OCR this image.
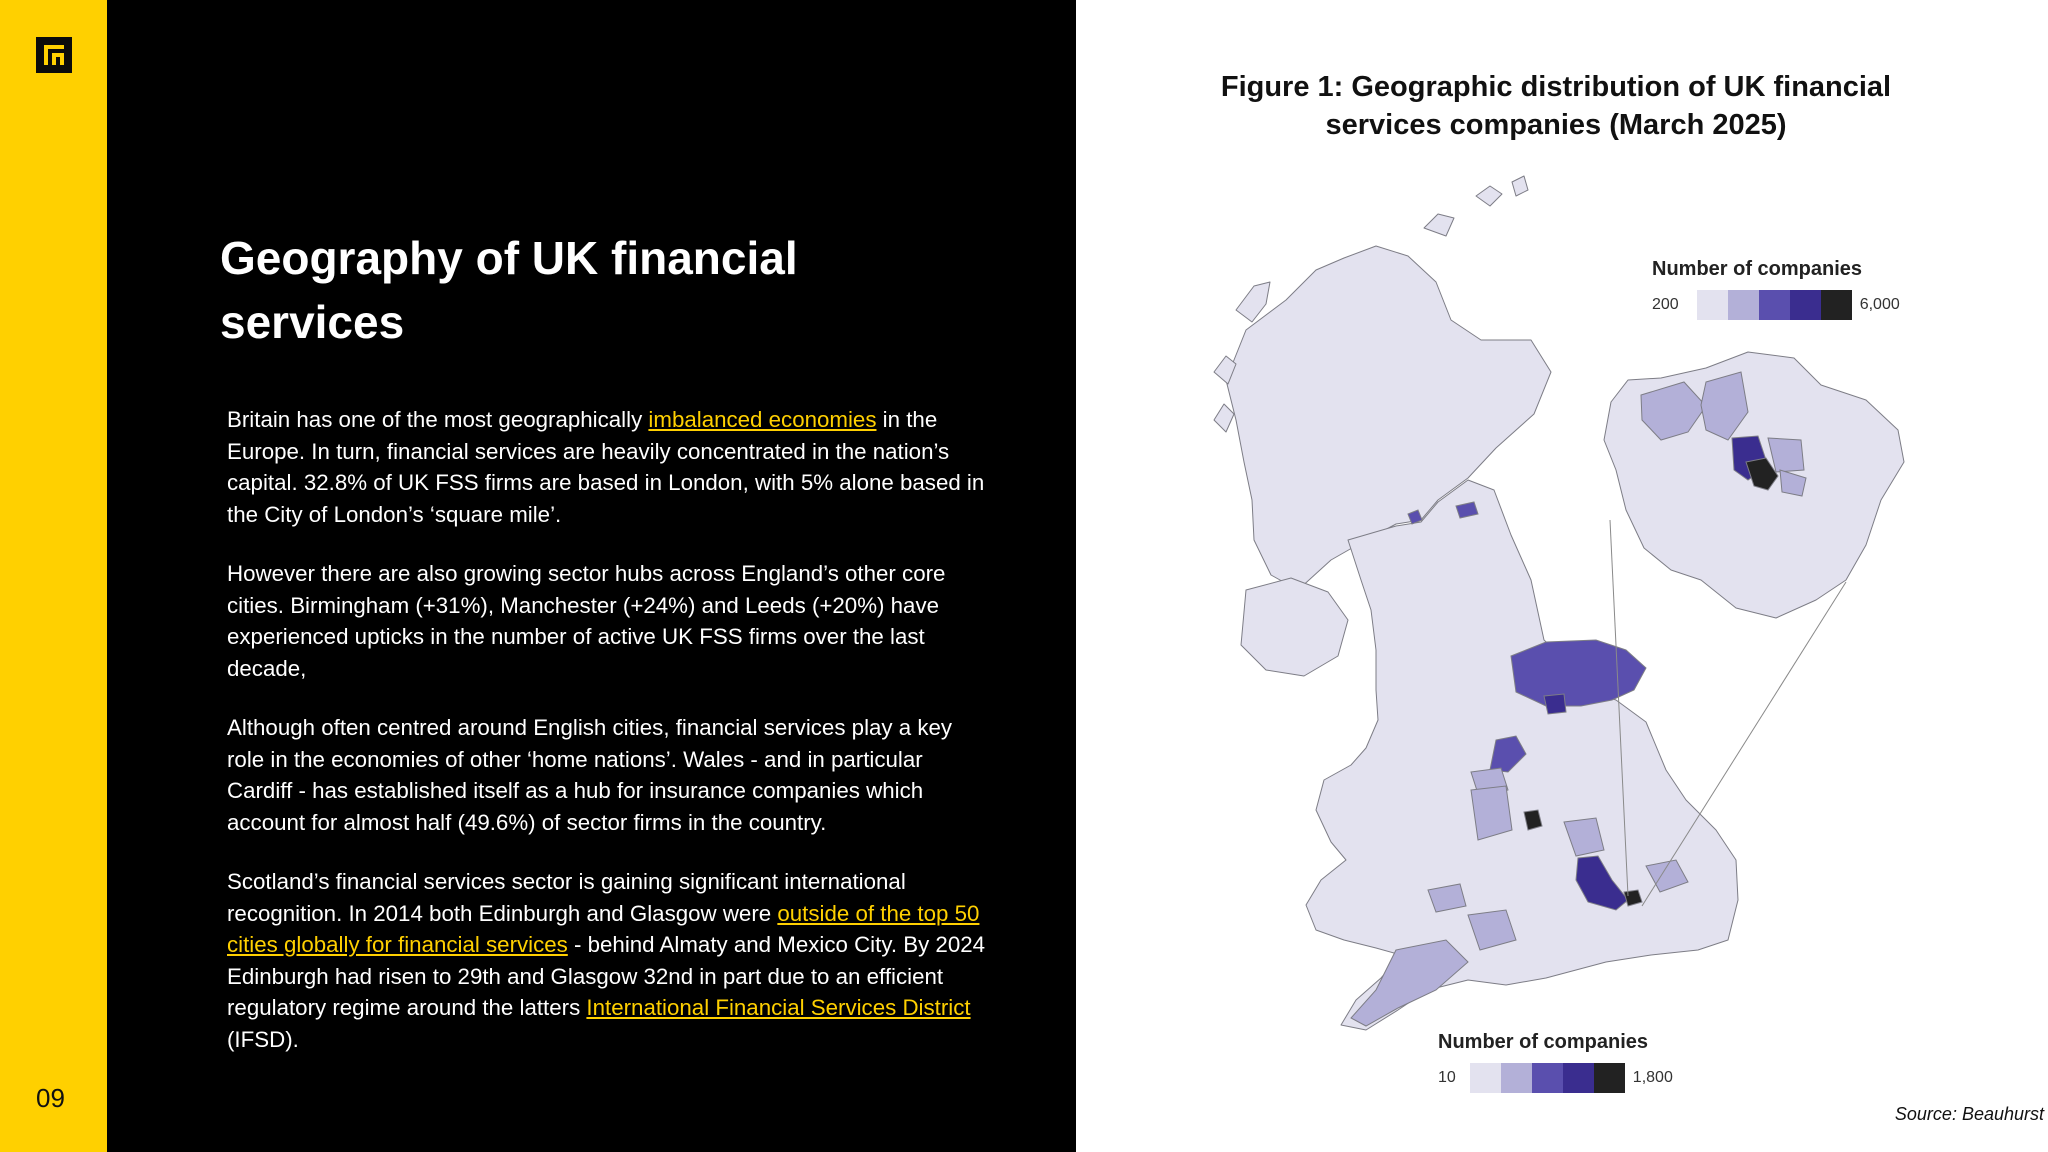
09
Geography of UK financial services

Britain has one of the most geographically imbalanced economies in the Europe. In turn, financial services are heavily concentrated in the nation’s capital. 32.8% of UK FSS firms are based in London, with 5% alone based in the City of London’s ‘square mile’.

However there are also growing sector hubs across England’s other core cities. Birmingham (+31%), Manchester (+24%) and Leeds (+20%) have experienced upticks in the number of active UK FSS firms over the last decade,

Although often centred around English cities, financial services play a key role in the economies of other ‘home nations’. Wales - and in particular Cardiff - has established itself as a hub for insurance companies which account for almost half (49.6%) of sector firms in the country.

Scotland’s financial services sector is gaining significant international recognition. In 2014 both Edinburgh and Glasgow were outside of the top 50 cities globally for financial services - behind Almaty and Mexico City. By 2024 Edinburgh had risen to 29th and Glasgow 32nd in part due to an efficient regulatory regime around the latters International Financial Services District (IFSD).

Figure 1: Geographic distribution of UK financial services companies (March 2025)
Number of companies
200	6,000
Number of companies
10	1,800
Source: Beauhurst
